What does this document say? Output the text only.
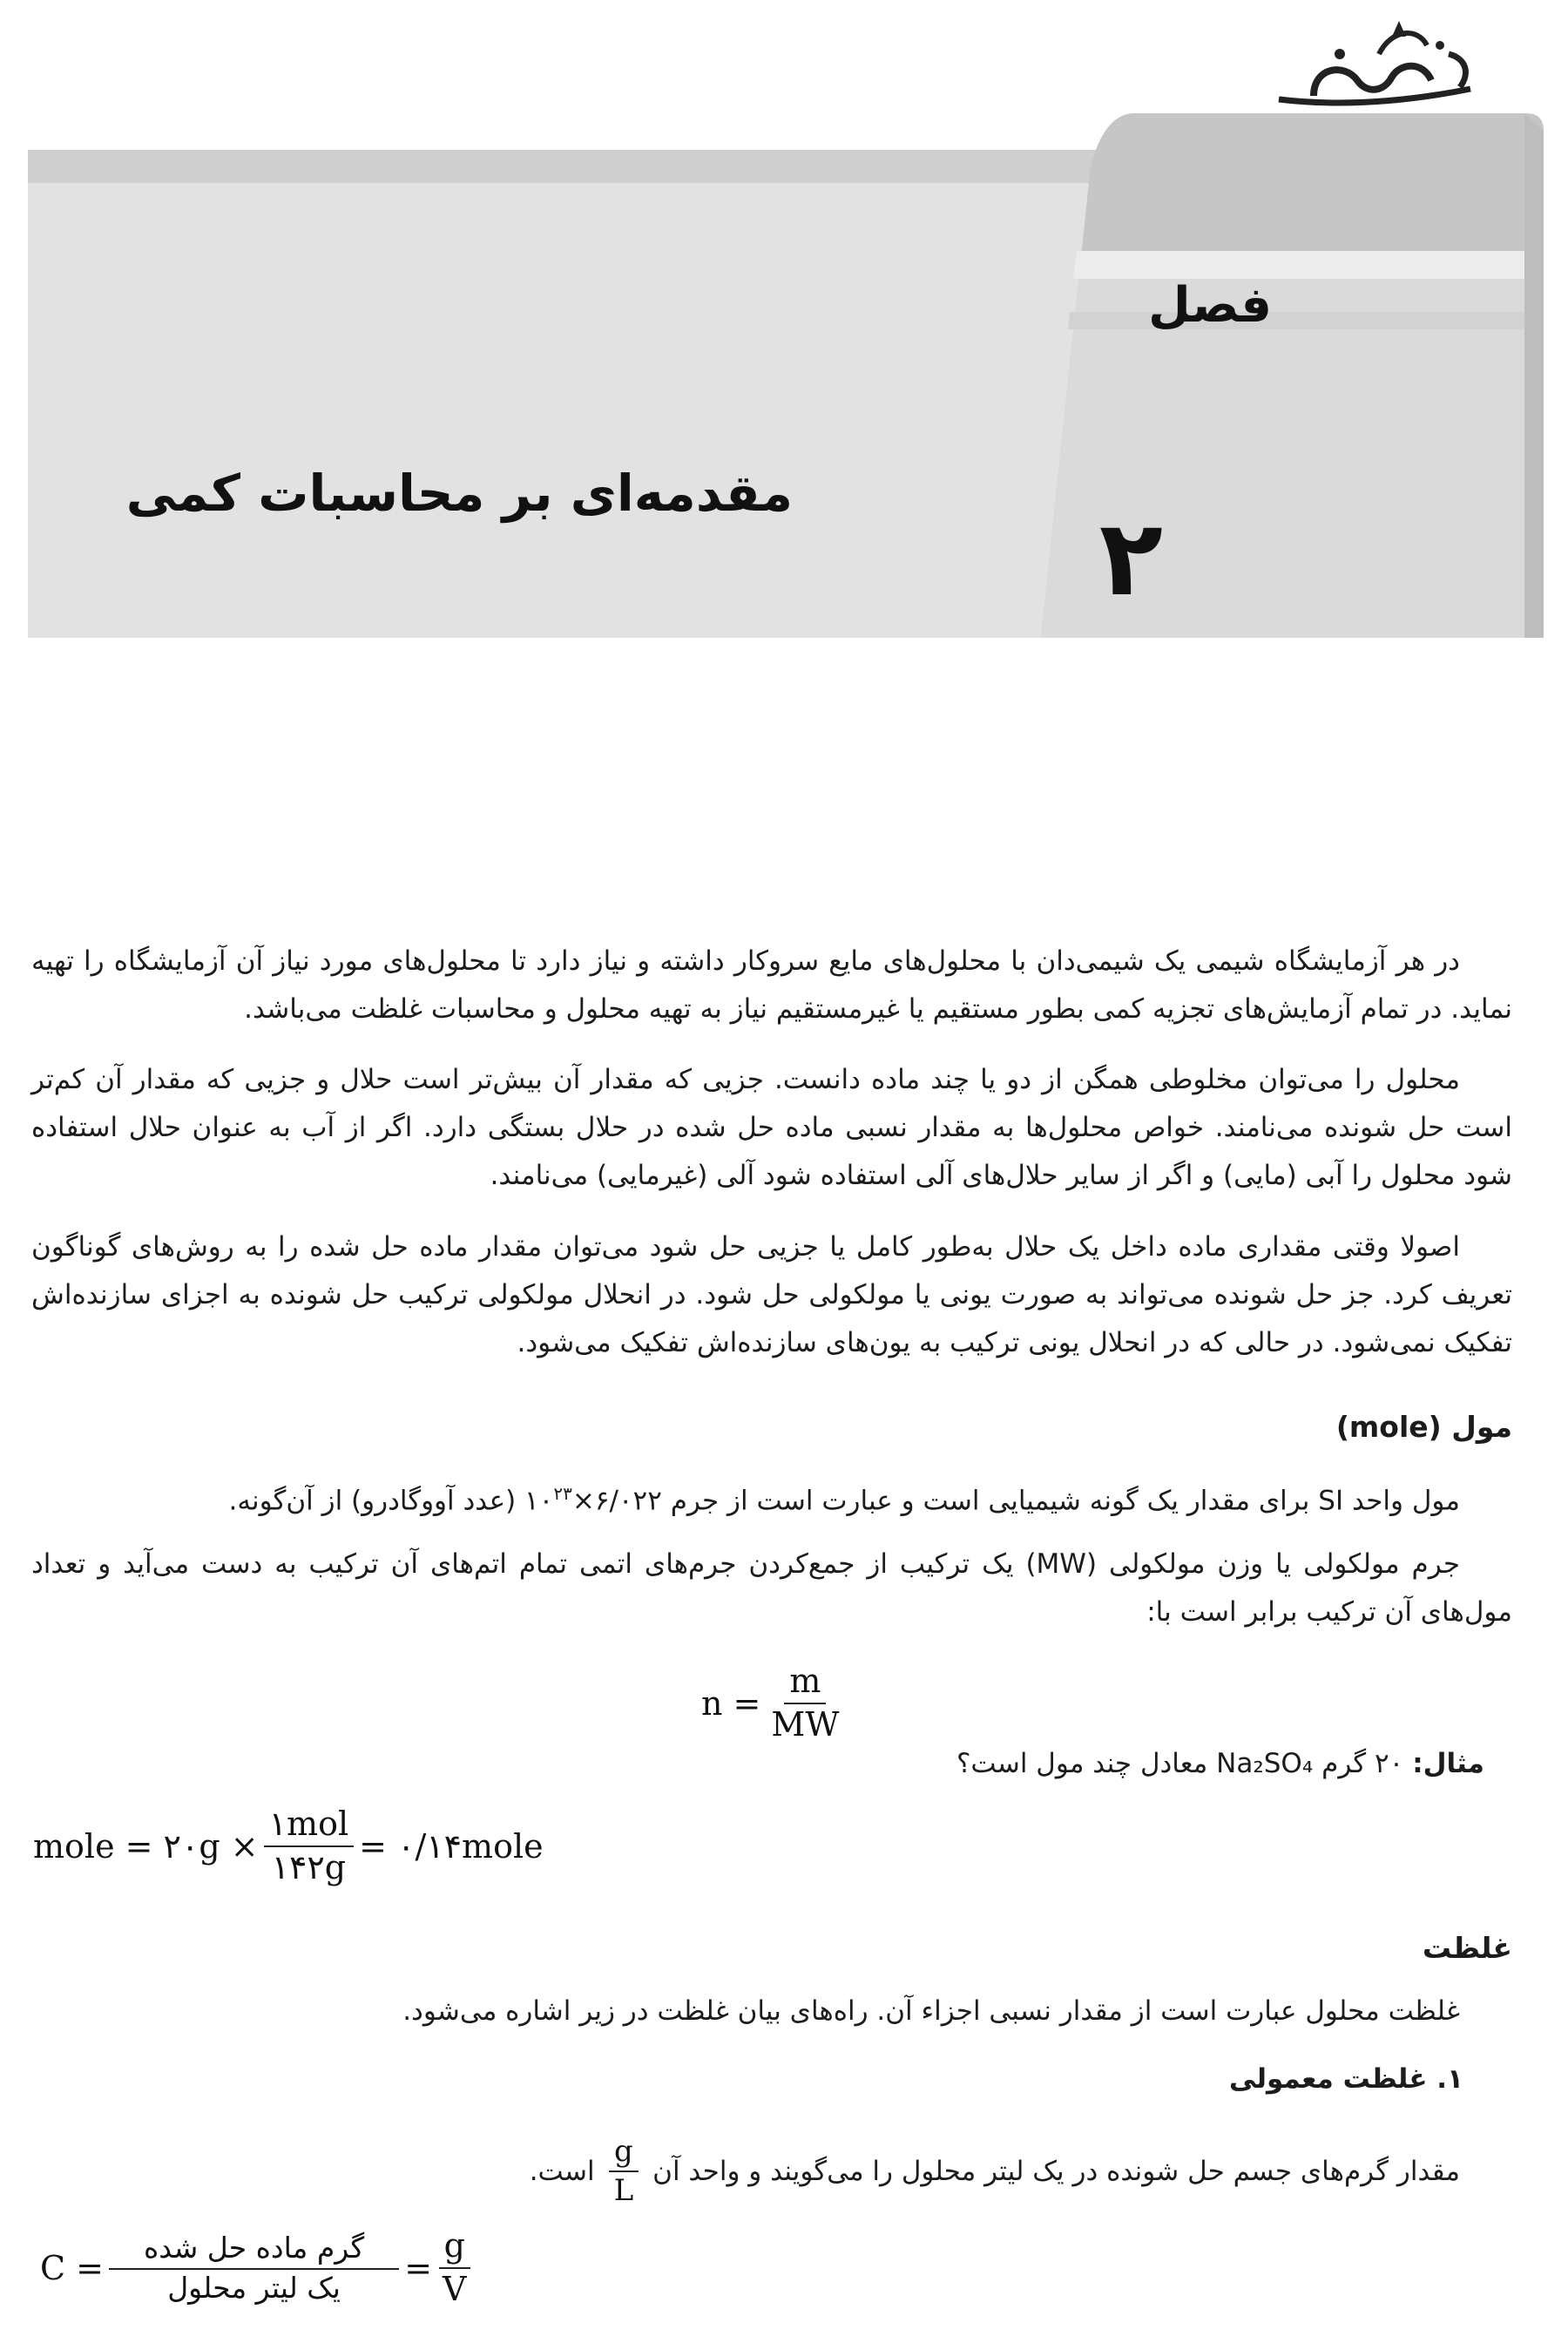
فصل
مقدمه‌ای بر محاسبات کمی
۲

در هر آزمایشگاه شیمی یک شیمی‌دان با محلول‌های مایع سروکار داشته و نیاز دارد تا محلول‌های مورد نیاز آن آزمایشگاه را تهیه نماید. در تمام آزمایش‌های تجزیه کمی بطور مستقیم یا غیرمستقیم نیاز به تهیه محلول و محاسبات غلظت می‌باشد.

محلول را می‌توان مخلوطی همگن از دو یا چند ماده دانست. جزیی که مقدار آن بیش‌تر است حلال و جزیی که مقدار آن کم‌تر است حل شونده می‌نامند. خواص محلول‌ها به مقدار نسبی ماده حل شده در حلال بستگی دارد. اگر از آب به عنوان حلال استفاده شود محلول را آبی (مایی) و اگر از سایر حلال‌های آلی استفاده شود آلی (غیرمایی) می‌نامند.

اصولا وقتی مقداری ماده داخل یک حلال به‌طور کامل یا جزیی حل شود می‌توان مقدار ماده حل شده را به روش‌های گوناگون تعریف کرد. جز حل شونده می‌تواند به صورت یونی یا مولکولی حل شود. در انحلال مولکولی ترکیب حل شونده به اجزای سازنده‌اش تفکیک نمی‌شود. در حالی که در انحلال یونی ترکیب به یون‌های سازنده‌اش تفکیک می‌شود.

مول (mole)
مول واحد SI برای مقدار یک گونه شیمیایی است و عبارت است از جرم $۶/۰۲۲\times ۱۰^{۲۳}$ (عدد آووگادرو) از آن‌گونه.

جرم مولکولی یا وزن مولکولی (MW) یک ترکیب از جمع‌کردن جرم‌های اتمی تمام اتم‌های آن ترکیب به دست می‌آید و تعداد مول‌های آن ترکیب برابر است با:

$n = \frac{m}{MW}$
مثال: ۲۰ گرم Na₂SO₄ معادل چند مول است؟
mole = ۲۰g × $\frac{\text{۱mol}}{۱۴۲g}$ = ۰/۱۴mole
غلظت
غلظت محلول عبارت است از مقدار نسبی اجزاء آن. راه‌های بیان غلظت در زیر اشاره می‌شود.
۱. غلظت معمولی
مقدار گرم‌های جسم حل شونده در یک لیتر محلول را می‌گویند و واحد آن
$\frac{g}{L}$
است.
$C = \frac{\text{گرم ماده حل شده}}{\text{یک لیتر محلول}} = \frac{g}{V}$
